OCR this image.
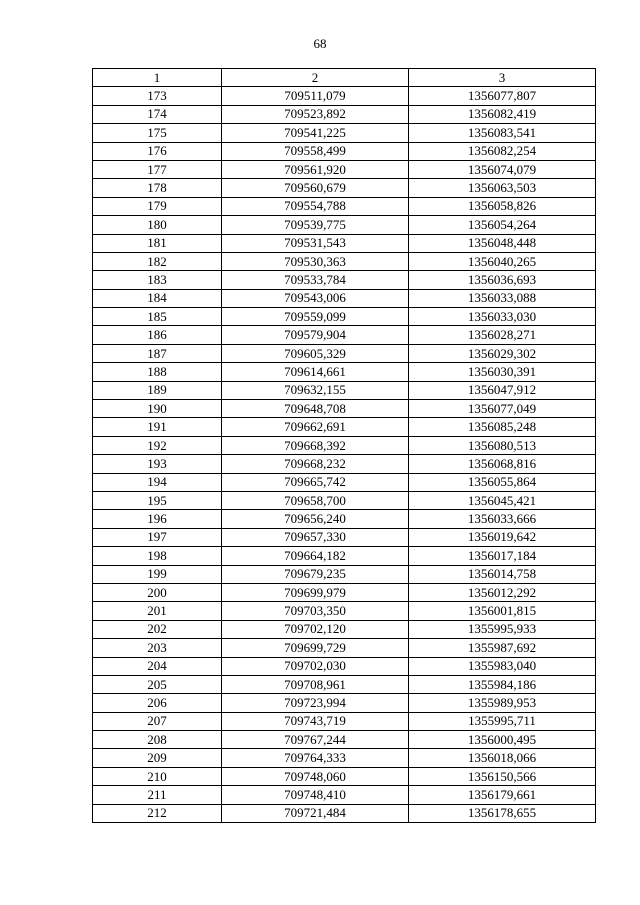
68
1	2	3
173	709511,079	1356077,807
174	709523,892	1356082,419
175	709541,225	1356083,541
176	709558,499	1356082,254
177	709561,920	1356074,079
178	709560,679	1356063,503
179	709554,788	1356058,826
180	709539,775	1356054,264
181	709531,543	1356048,448
182	709530,363	1356040,265
183	709533,784	1356036,693
184	709543,006	1356033,088
185	709559,099	1356033,030
186	709579,904	1356028,271
187	709605,329	1356029,302
188	709614,661	1356030,391
189	709632,155	1356047,912
190	709648,708	1356077,049
191	709662,691	1356085,248
192	709668,392	1356080,513
193	709668,232	1356068,816
194	709665,742	1356055,864
195	709658,700	1356045,421
196	709656,240	1356033,666
197	709657,330	1356019,642
198	709664,182	1356017,184
199	709679,235	1356014,758
200	709699,979	1356012,292
201	709703,350	1356001,815
202	709702,120	1355995,933
203	709699,729	1355987,692
204	709702,030	1355983,040
205	709708,961	1355984,186
206	709723,994	1355989,953
207	709743,719	1355995,711
208	709767,244	1356000,495
209	709764,333	1356018,066
210	709748,060	1356150,566
211	709748,410	1356179,661
212	709721,484	1356178,655
